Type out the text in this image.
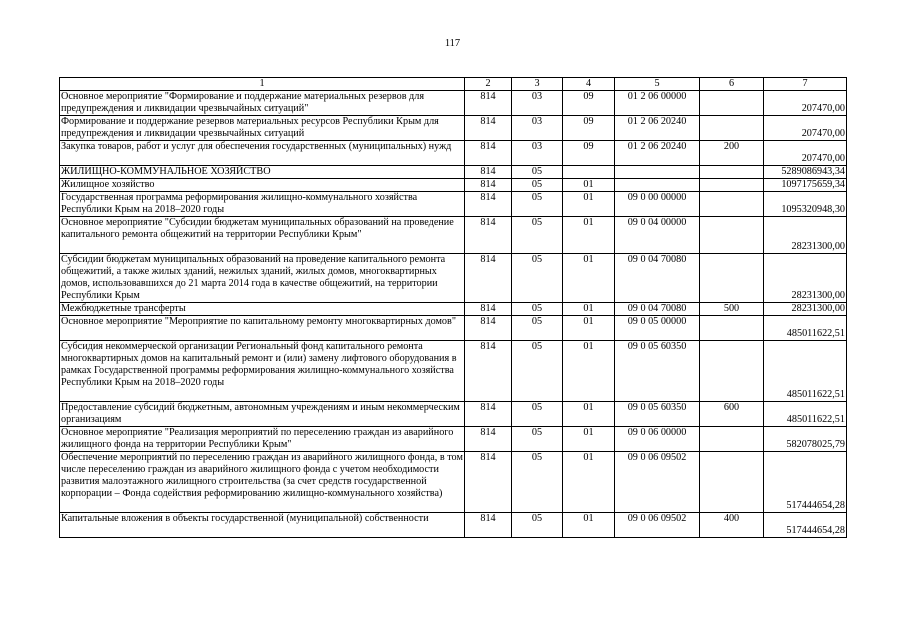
117
1	2	3	4	5	6	7
Основное мероприятие "Формирование и поддержание материальных резервов для предупреждения и ликвидации чрезвычайных ситуаций"	814	03	09	01 2 06 00000		207470,00
Формирование и поддержание резервов материальных ресурсов Республики Крым для предупреждения и ликвидации чрезвычайных ситуаций	814	03	09	01 2 06 20240		207470,00
Закупка товаров, работ и услуг для обеспечения государственных (муниципальных) нужд	814	03	09	01 2 06 20240	200	207470,00
ЖИЛИЩНО-КОММУНАЛЬНОЕ ХОЗЯЙСТВО	814	05				5289086943,34
Жилищное хозяйство	814	05	01			1097175659,34
Государственная программа реформирования жилищно-коммунального хозяйства Республики Крым на 2018–2020 годы	814	05	01	09 0 00 00000		1095320948,30
Основное мероприятие "Субсидии бюджетам муниципальных образований на проведение капитального ремонта общежитий на территории Республики Крым"	814	05	01	09 0 04 00000		28231300,00
Субсидии бюджетам муниципальных образований на проведение капитального ремонта общежитий, а также жилых зданий, нежилых зданий, жилых домов, многоквартирных домов, использовавшихся до 21 марта 2014 года в качестве общежитий, на территории Республики Крым	814	05	01	09 0 04 70080		28231300,00
Межбюджетные трансферты	814	05	01	09 0 04 70080	500	28231300,00
Основное мероприятие "Мероприятие по капитальному ремонту многоквартирных домов"	814	05	01	09 0 05 00000		485011622,51
Субсидия некоммерческой организации Региональный фонд капитального ремонта многоквартирных домов на капитальный ремонт и (или) замену лифтового оборудования в рамках Государственной программы реформирования жилищно-коммунального хозяйства Республики Крым на 2018–2020 годы	814	05	01	09 0 05 60350		485011622,51
Предоставление субсидий бюджетным, автономным учреждениям и иным некоммерческим организациям	814	05	01	09 0 05 60350	600	485011622,51
Основное мероприятие "Реализация мероприятий по переселению граждан из аварийного жилищного фонда на территории Республики Крым"	814	05	01	09 0 06 00000		582078025,79
Обеспечение мероприятий по переселению граждан из аварийного жилищного фонда, в том числе переселению граждан из аварийного жилищного фонда с учетом необходимости развития малоэтажного жилищного строительства (за счет средств государственной корпорации – Фонда содействия реформированию жилищно-коммунального хозяйства)	814	05	01	09 0 06 09502		517444654,28
Капитальные вложения в объекты государственной (муниципальной) собственности	814	05	01	09 0 06 09502	400	517444654,28
